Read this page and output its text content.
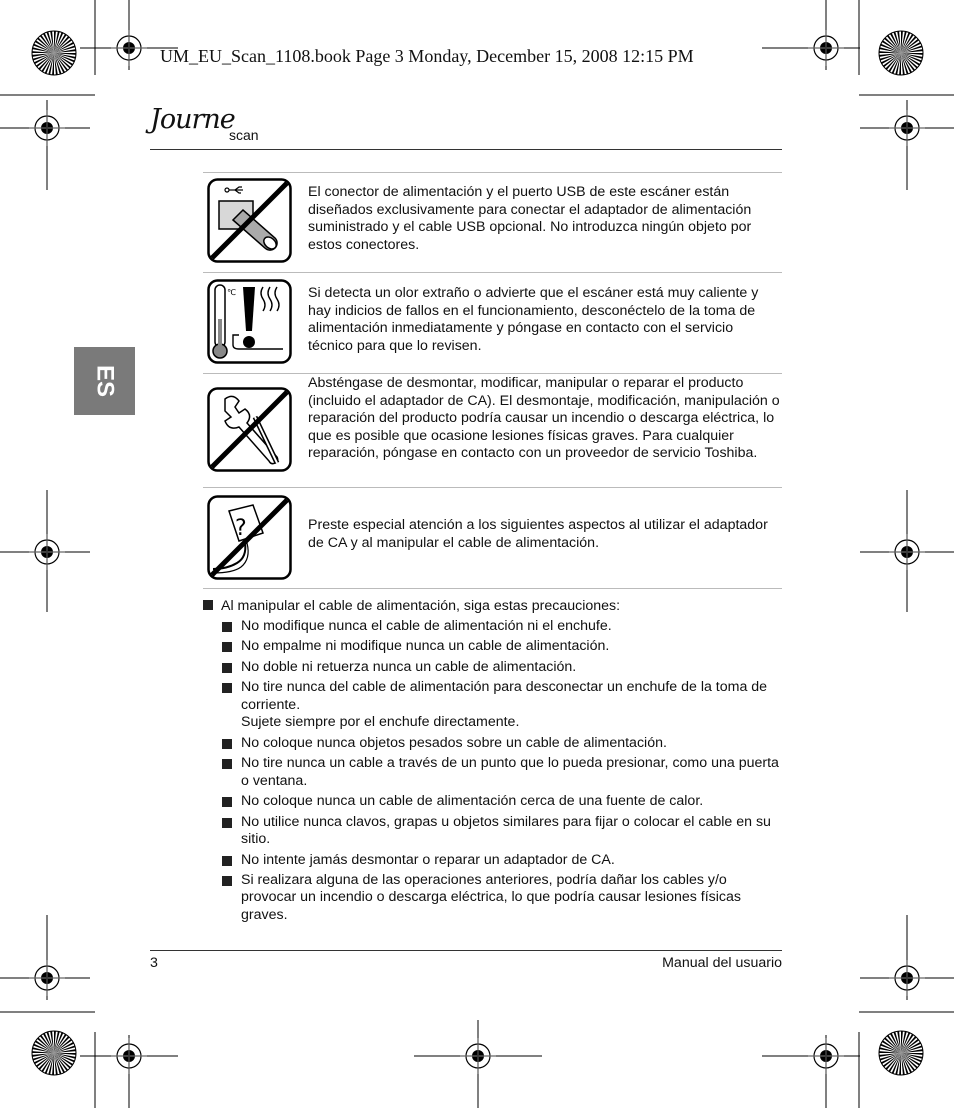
UM_EU_Scan_1108.book Page 3 Monday, December 15, 2008 12:15 PM
Journe
scan
ES
El conector de alimentación y el puerto USB de este escáner están diseñados exclusivamente para conectar el adaptador de alimentación suministrado y el cable USB opcional. No introduzca ningún objeto por estos conectores.
℃	Si detecta un olor extraño o advierte que el escáner está muy caliente y hay indicios de fallos en el funcionamiento, desconéctelo de la toma de alimentación inmediatamente y póngase en contacto con el servicio técnico para que lo revisen.
Absténgase de desmontar, modificar, manipular o reparar el producto (incluido el adaptador de CA). El desmontaje, modificación, manipulación o reparación del producto podría causar un incendio o descarga eléctrica, lo que es posible que ocasione lesiones físicas graves. Para cualquier reparación, póngase en contacto con un proveedor de servicio Toshiba.
?	Preste especial atención a los siguientes aspectos al utilizar el adaptador de CA y al manipular el cable de alimentación.
Al manipular el cable de alimentación, siga estas precauciones:
No modifique nunca el cable de alimentación ni el enchufe.
No empalme ni modifique nunca un cable de alimentación.
No doble ni retuerza nunca un cable de alimentación.
No tire nunca del cable de alimentación para desconectar un enchufe de la toma de corriente.
Sujete siempre por el enchufe directamente.
No coloque nunca objetos pesados sobre un cable de alimentación.
No tire nunca un cable a través de un punto que lo pueda presionar, como una puerta o ventana.
No coloque nunca un cable de alimentación cerca de una fuente de calor.
No utilice nunca clavos, grapas u objetos similares para fijar o colocar el cable en su sitio.
No intente jamás desmontar o reparar un adaptador de CA.
Si realizara alguna de las operaciones anteriores, podría dañar los cables y/o provocar un incendio o descarga eléctrica, lo que podría causar lesiones físicas graves.
3	Manual del usuario
